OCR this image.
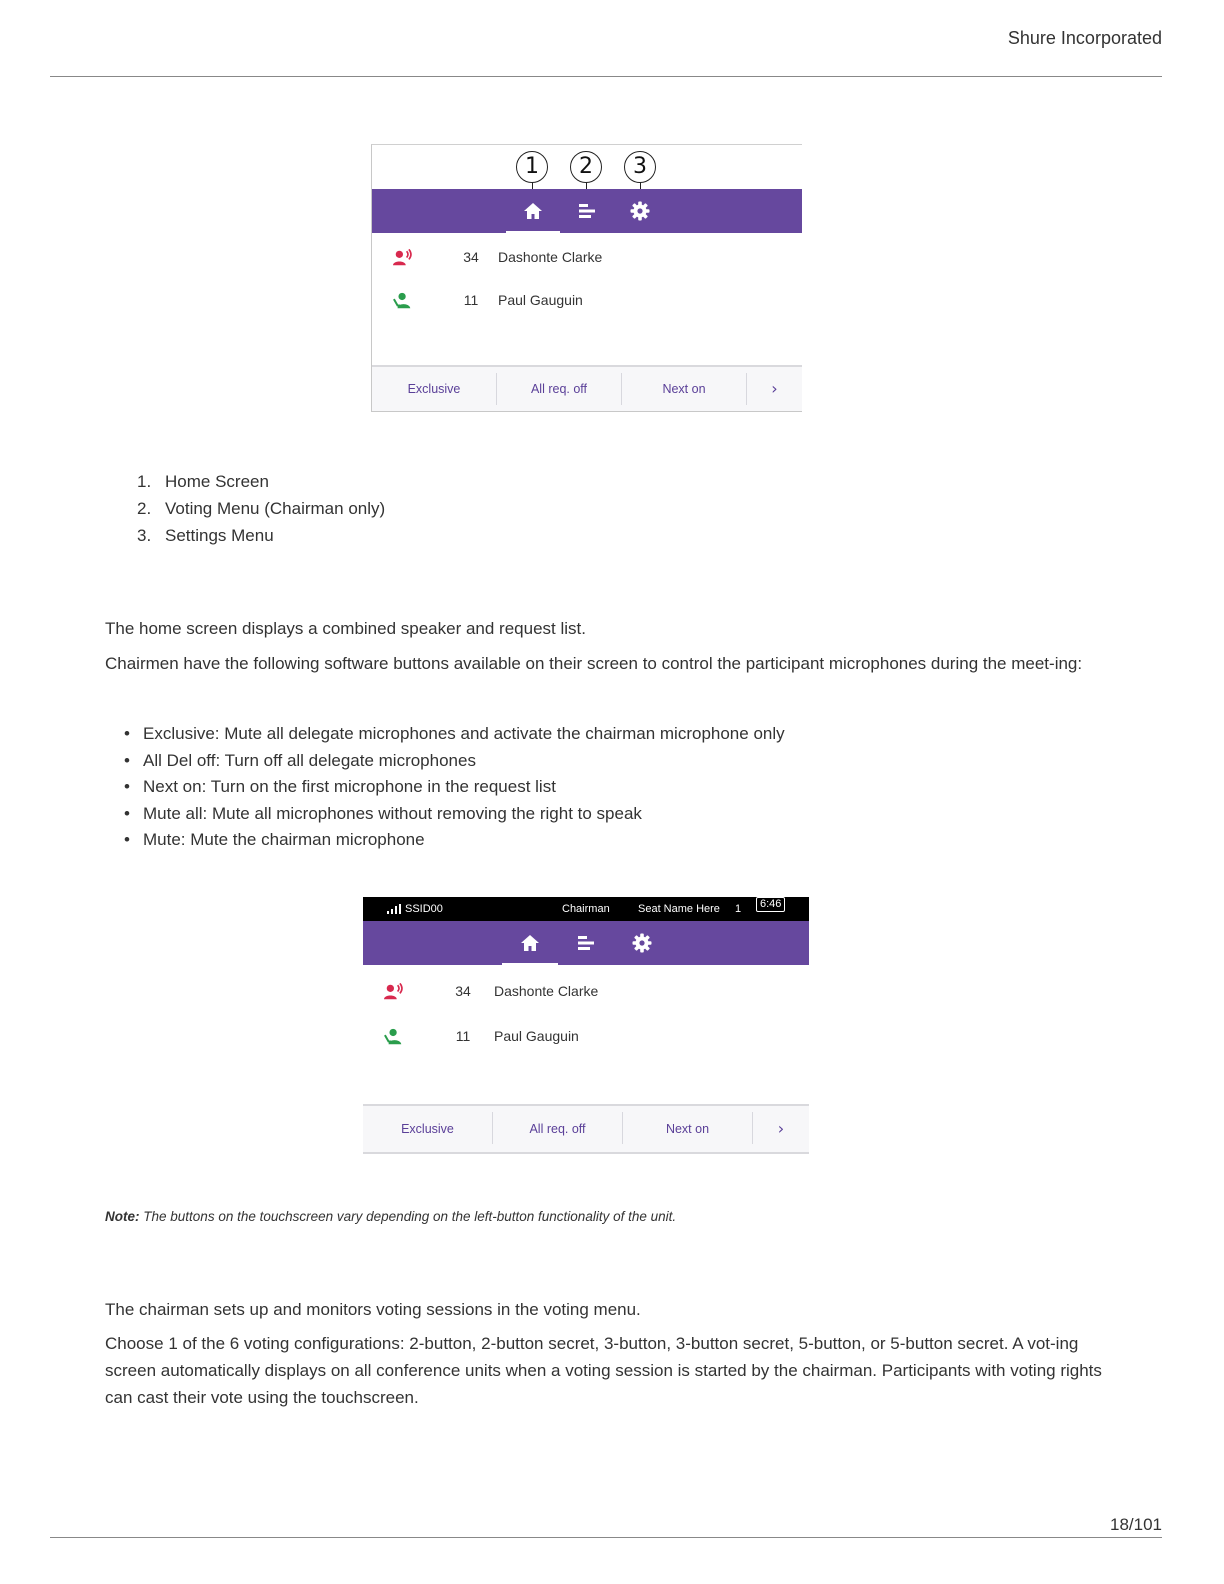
Shure Incorporated
1	2	3
34	Dashonte Clarke
11	Paul Gauguin
Exclusive	All req. off	Next on	›
1. Home Screen
2. Voting Menu (Chairman only)
3. Settings Menu

The home screen displays a combined speaker and request list.

Chairmen have the following software buttons available on their screen to control the participant microphones during the meet-ing:

• Exclusive: Mute all delegate microphones and activate the chairman microphone only
• All Del off: Turn off all delegate microphones
• Next on: Turn on the first microphone in the request list
• Mute all: Mute all microphones without removing the right to speak
• Mute: Mute the chairman microphone
SSID00	Chairman	Seat Name Here 1	6:46
34	Dashonte Clarke
11	Paul Gauguin
Exclusive	All req. off	Next on	›
Note: The buttons on the touchscreen vary depending on the left-button functionality of the unit.

The chairman sets up and monitors voting sessions in the voting menu.

Choose 1 of the 6 voting configurations: 2-button, 2-button secret, 3-button, 3-button secret, 5-button, or 5-button secret. A vot-ing screen automatically displays on all conference units when a voting session is started by the chairman. Participants with voting rights can cast their vote using the touchscreen.

18/101
